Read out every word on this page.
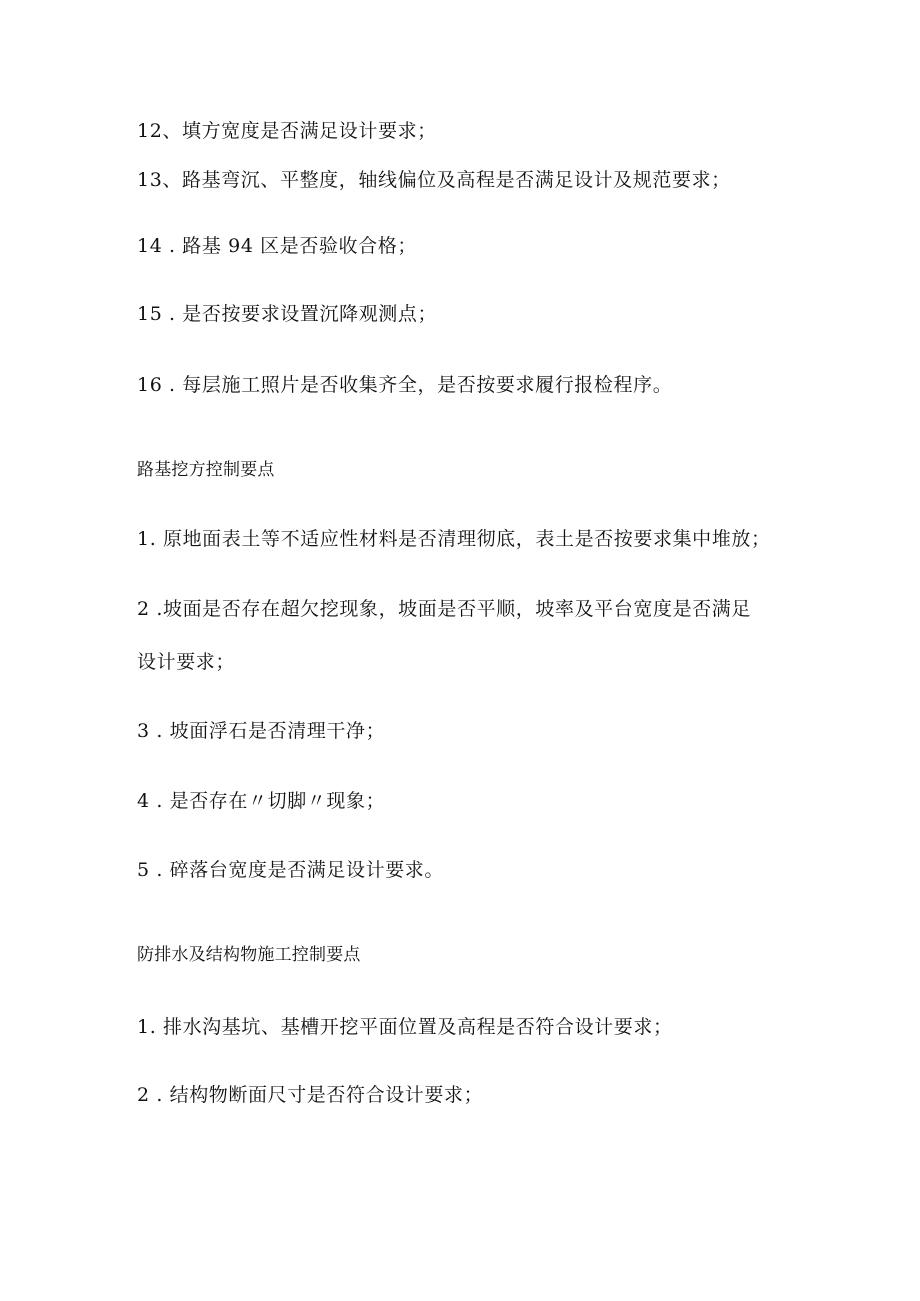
12、填方宽度是否满足设计要求；
13、路基弯沉、平整度，轴线偏位及高程是否满足设计及规范要求；
14 . 路基 94 区是否验收合格；
15 . 是否按要求设置沉降观测点；
16 . 每层施工照片是否收集齐全，是否按要求履行报检程序。
路基挖方控制要点
1. 原地面表土等不适应性材料是否清理彻底，表土是否按要求集中堆放；
2 .坡面是否存在超欠挖现象，坡面是否平顺，坡率及平台宽度是否满足
设计要求；
3 . 坡面浮石是否清理干净；
4 . 是否存在〃切脚〃现象；
5 . 碎落台宽度是否满足设计要求。
防排水及结构物施工控制要点
1. 排水沟基坑、基槽开挖平面位置及高程是否符合设计要求；
2 . 结构物断面尺寸是否符合设计要求；
